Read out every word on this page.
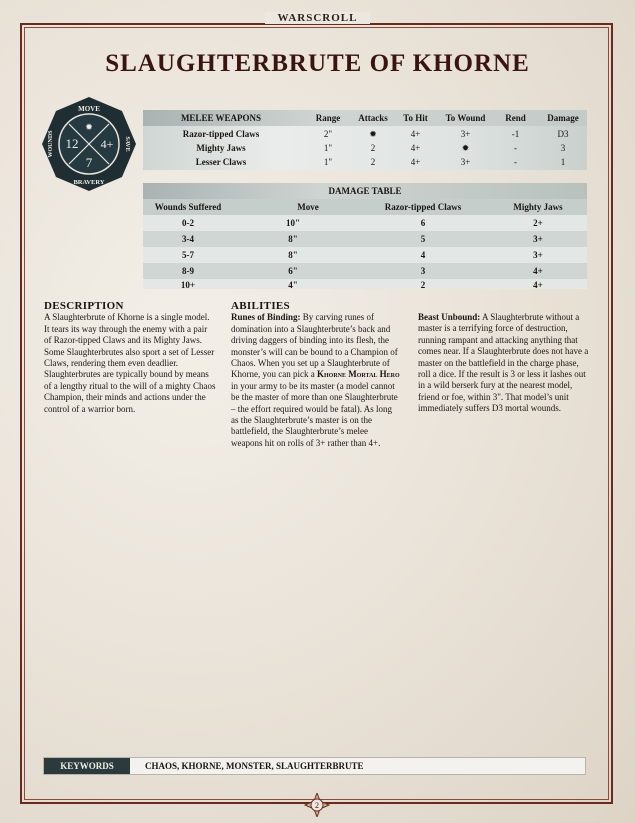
WARSCROLL
SLAUGHTERBRUTE OF KHORNE
MOVE
BRAVERY
WOUNDS	SAVE
✹
12 4+
7
MELEE WEAPONS	Range	Attacks	To Hit	To Wound	Rend	Damage
Razor-tipped Claws	2"	✹	4+	3+	-1	D3
Mighty Jaws	1"	2	4+	✹	-	3
Lesser Claws	1"	2	4+	3+	-	1
DAMAGE TABLE
Wounds Suffered	Move	Razor-tipped Claws	Mighty Jaws
0-2	10"	6	2+
3-4	8"	5	3+
5-7	8"	4	3+
8-9	6"	3	4+
10+	4"	2	4+
DESCRIPTION

A Slaughterbrute of Khorne is a single model. It tears its way through the enemy with a pair of Razor-tipped Claws and its Mighty Jaws. Some Slaughterbrutes also sport a set of Lesser Claws, rendering them even deadlier. Slaughterbrutes are typically bound by means of a lengthy ritual to the will of a mighty Chaos Champion, their minds and actions under the control of a warrior born.

ABILITIES

Runes of Binding: By carving runes of domination into a Slaughterbrute’s back and driving daggers of binding into its flesh, the monster’s will can be bound to a Champion of Chaos. When you set up a Slaughterbrute of Khorne, you can pick a Khorne Mortal Hero in your army to be its master (a model cannot be the master of more than one Slaughterbrute – the effort required would be fatal). As long as the Slaughterbrute’s master is on the battlefield, the Slaughterbrute’s melee weapons hit on rolls of 3+ rather than 4+.

Beast Unbound: A Slaughterbrute without a master is a terrifying force of destruction, running rampant and attacking anything that comes near. If a Slaughterbrute does not have a master on the battlefield in the charge phase, roll a dice. If the result is 3 or less it lashes out in a wild berserk fury at the nearest model, friend or foe, within 3". That model’s unit immediately suffers D3 mortal wounds.

KEYWORDS	CHAOS, KHORNE, MONSTER, SLAUGHTERBRUTE
2
